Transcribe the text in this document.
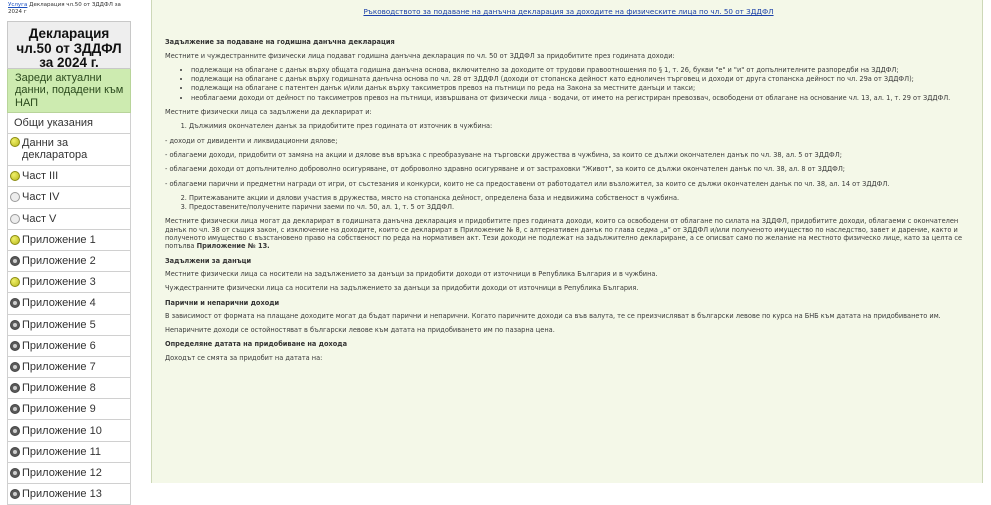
Услуга Декларация чл.50 от ЗДДФЛ за 2024 г
Декларация чл.50 от ЗДДФЛ за 2024 г.
Зареди актуални данни, подадени към НАП
Общи указания
Данни за декларатора
Част III
Част IV
Част V
Приложение 1
Приложение 2
Приложение 3
Приложение 4
Приложение 5
Приложение 6
Приложение 7
Приложение 8
Приложение 9
Приложение 10
Приложение 11
Приложение 12
Приложение 13
Ръководството за подаване на данъчна декларация за доходите на физическите лица по чл. 50 от ЗДДФЛ
Задължение за подаване на годишна данъчна декларация
Местните и чуждестранните физически лица подават годишна данъчна декларация по чл. 50 от ЗДДФЛ за придобитите през годината доходи:
• подлежащи на облагане с данък върху общата годишна данъчна основа, включително за доходите от трудови правоотношения по § 1, т. 26, букви "е" и "и" от допълнителните разпоредби на ЗДДФЛ;
• подлежащи на облагане с данък върху годишната данъчна основа по чл. 28 от ЗДДФЛ (доходи от стопанска дейност като едноличен търговец и доходи от друга стопанска дейност по чл. 29а от ЗДДФЛ);
• подлежащи на облагане с патентен данък и/или данък върху таксиметров превоз на пътници по реда на Закона за местните данъци и такси;
• необлагаеми доходи от дейност по таксиметров превоз на пътници, извършвана от физически лица - водачи, от името на регистриран превозвач, освободени от облагане на основание чл. 13, ал. 1, т. 29 от ЗДДФЛ.
Местните физически лица са задължени да декларират и:
1. Дължимия окончателен данък за придобитите през годината от източник в чужбина:
- доходи от дивиденти и ликвидационни дялове;
- облагаеми доходи, придобити от замяна на акции и дялове във връзка с преобразуване на търговски дружества в чужбина, за които се дължи окончателен данък по чл. 38, ал. 5 от ЗДДФЛ;
- облагаеми доходи от допълнително доброволно осигуряване, от доброволно здравно осигуряване и от застраховки "Живот", за които се дължи окончателен данък по чл. 38, ал. 8 от ЗДДФЛ;
- облагаеми парични и предметни награди от игри, от състезания и конкурси, които не са предоставени от работодател или възложител, за които се дължи окончателен данък по чл. 38, ал. 14 от ЗДДФЛ.
2. Притежаваните акции и дялови участия в дружества, място на стопанска дейност, определена база и недвижима собственост в чужбина.
3. Предоставените/получените парични заеми по чл. 50, ал. 1, т. 5 от ЗДДФЛ.
Местните физически лица могат да декларират в годишната данъчна декларация и придобитите през годината доходи, които са освободени от облагане по силата на ЗДДФЛ, придобитите доходи, облагаеми с окончателен данък по чл. 38 от същия закон, с изключение на доходите, които се декларират в Приложение № 8, с алтернативен данък по глава седма „а“ от ЗДДФЛ и/или полученото имущество по наследство, завет и дарение, както и полученото имущество с възстановено право на собственост по реда на нормативен акт. Тези доходи не подлежат на задължително деклариране, а се описват само по желание на местното физическо лице, като за целта се попълва Приложение № 13.
Задължени за данъци
Местните физически лица са носители на задължението за данъци за придобити доходи от източници в Република България и в чужбина.
Чуждестранните физически лица са носители на задължението за данъци за придобити доходи от източници в Република България.
Парични и непарични доходи
В зависимост от формата на плащане доходите могат да бъдат парични и непарични. Когато паричните доходи са във валута, те се преизчисляват в български левове по курса на БНБ към датата на придобиването им.
Непаричните доходи се остойностяват в български левове към датата на придобиването им по пазарна цена.
Определяне датата на придобиване на дохода
Доходът се смята за придобит на датата на:
